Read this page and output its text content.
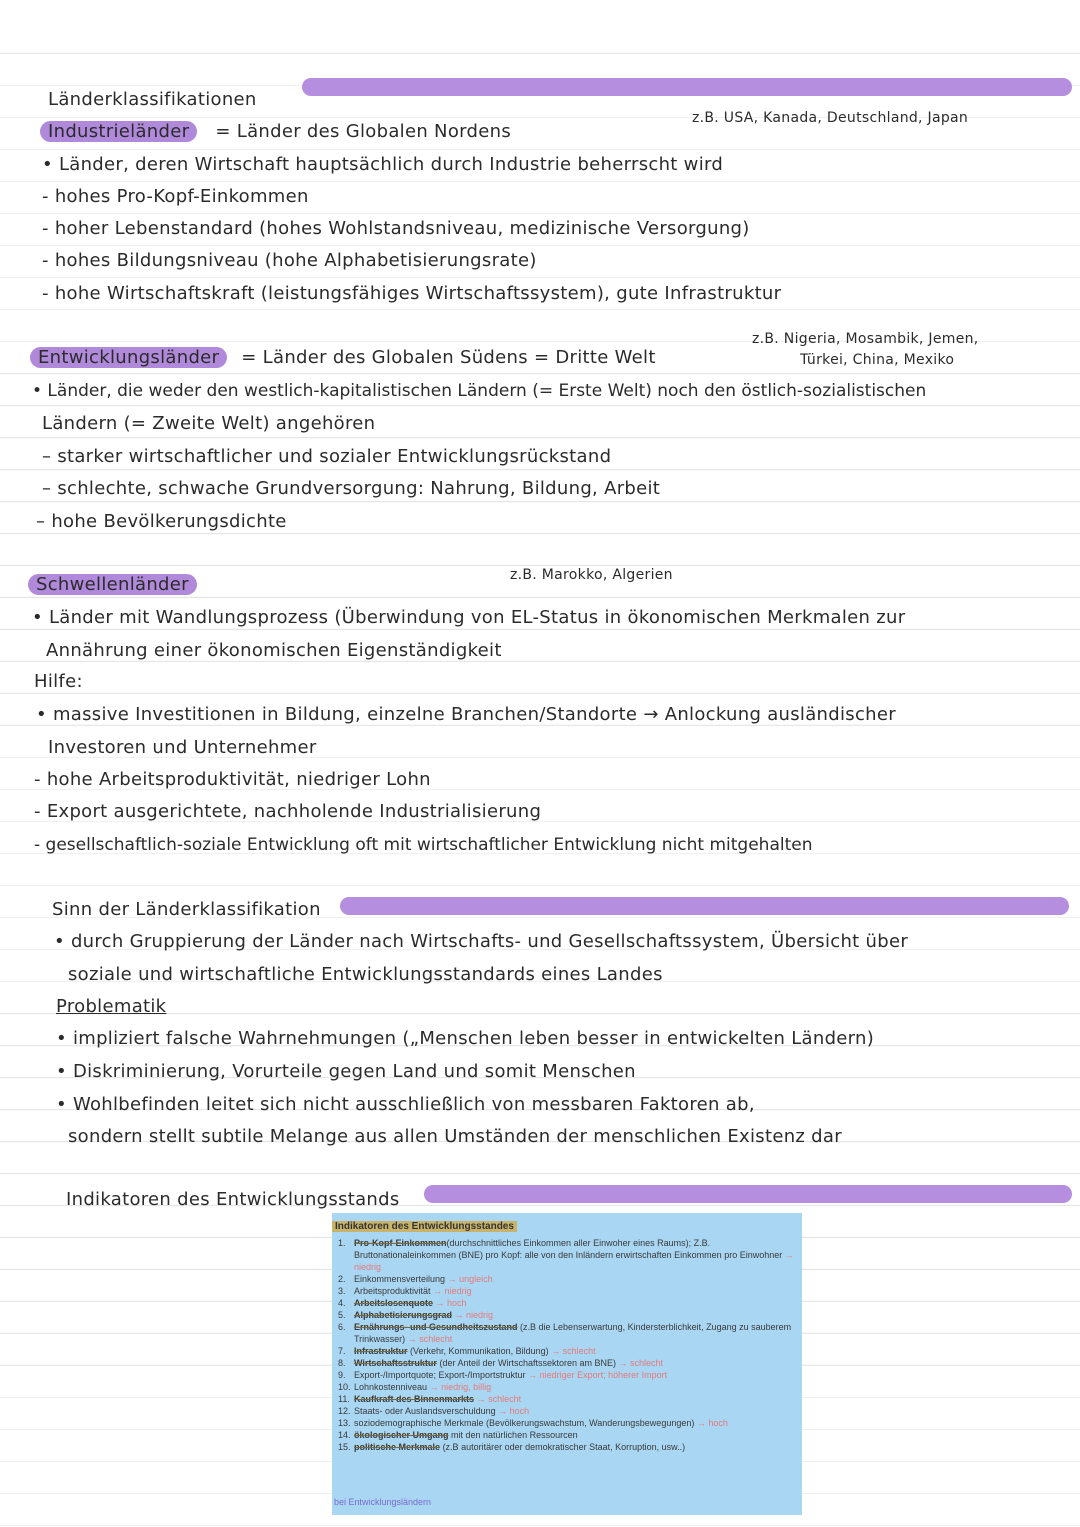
Länderklassifikationen
Industrieländer = Länder des Globalen Nordens
z.B. USA, Kanada, Deutschland, Japan
• Länder, deren Wirtschaft hauptsächlich durch Industrie beherrscht wird
- hohes Pro-Kopf-Einkommen
- hoher Lebenstandard (hohes Wohlstandsniveau, medizinische Versorgung)
- hohes Bildungsniveau (hohe Alphabetisierungsrate)
- hohe Wirtschaftskraft (leistungsfähiges Wirtschaftssystem), gute Infrastruktur
Entwicklungsländer = Länder des Globalen Südens = Dritte Welt
z.B. Nigeria, Mosambik, Jemen,
Türkei, China, Mexiko
• Länder, die weder den westlich-kapitalistischen Ländern (= Erste Welt) noch den östlich-sozialistischen
Ländern (= Zweite Welt) angehören
– starker wirtschaftlicher und sozialer Entwicklungsrückstand
– schlechte, schwache Grundversorgung: Nahrung, Bildung, Arbeit
– hohe Bevölkerungsdichte
Schwellenländer	z.B. Marokko, Algerien
• Länder mit Wandlungsprozess (Überwindung von EL-Status in ökonomischen Merkmalen zur
Annährung einer ökonomischen Eigenständigkeit
Hilfe:
• massive Investitionen in Bildung, einzelne Branchen/Standorte → Anlockung ausländischer
Investoren und Unternehmer
- hohe Arbeitsproduktivität, niedriger Lohn
- Export ausgerichtete, nachholende Industrialisierung
- gesellschaftlich-soziale Entwicklung oft mit wirtschaftlicher Entwicklung nicht mitgehalten
Sinn der Länderklassifikation
• durch Gruppierung der Länder nach Wirtschafts- und Gesellschaftssystem, Übersicht über
soziale und wirtschaftliche Entwicklungsstandards eines Landes
Problematik
• impliziert falsche Wahrnehmungen („Menschen leben besser in entwickelten Ländern)
• Diskriminierung, Vorurteile gegen Land und somit Menschen
• Wohlbefinden leitet sich nicht ausschließlich von messbaren Faktoren ab,
sondern stellt subtile Melange aus allen Umständen der menschlichen Existenz dar
Indikatoren des Entwicklungsstands
Indikatoren des Entwicklungsstandes
1. Pro-Kopf-Einkommen(durchschnittliches Einkommen aller Einwoher eines Raums); Z.B. Bruttonationaleinkommen (BNE) pro Kopf: alle von den Inländern erwirtschaften Einkommen pro Einwohner → niedrig
2. Einkommensverteilung → ungleich
3. Arbeitsproduktivität → niedrig
4. Arbeitslosenquote → hoch
5. Alphabetisierungsgrad → niedrig
6. Ernährungs- und Gesundheitszustand (z.B die Lebenserwartung, Kindersterblichkeit, Zugang zu sauberem Trinkwasser) → schlecht
7. Infrastruktur (Verkehr, Kommunikation, Bildung) → schlecht
8. Wirtschaftsstruktur (der Anteil der Wirtschaftssektoren am BNE) → schlecht
9. Export-/Importquote; Export-/Importstruktur → niedriger Export; höherer Import
10. Lohnkostenniveau → niedrig, billig
11. Kaufkraft des Binnenmarkts → schlecht
12. Staats- oder Auslandsverschuldung → hoch
13. soziodemographische Merkmale (Bevölkerungswachstum, Wanderungsbewegungen) → hoch
14. ökologischer Umgang mit den natürlichen Ressourcen
15. politische Merkmale (z.B autoritärer oder demokratischer Staat, Korruption, usw..)
bei Entwicklungsländern
